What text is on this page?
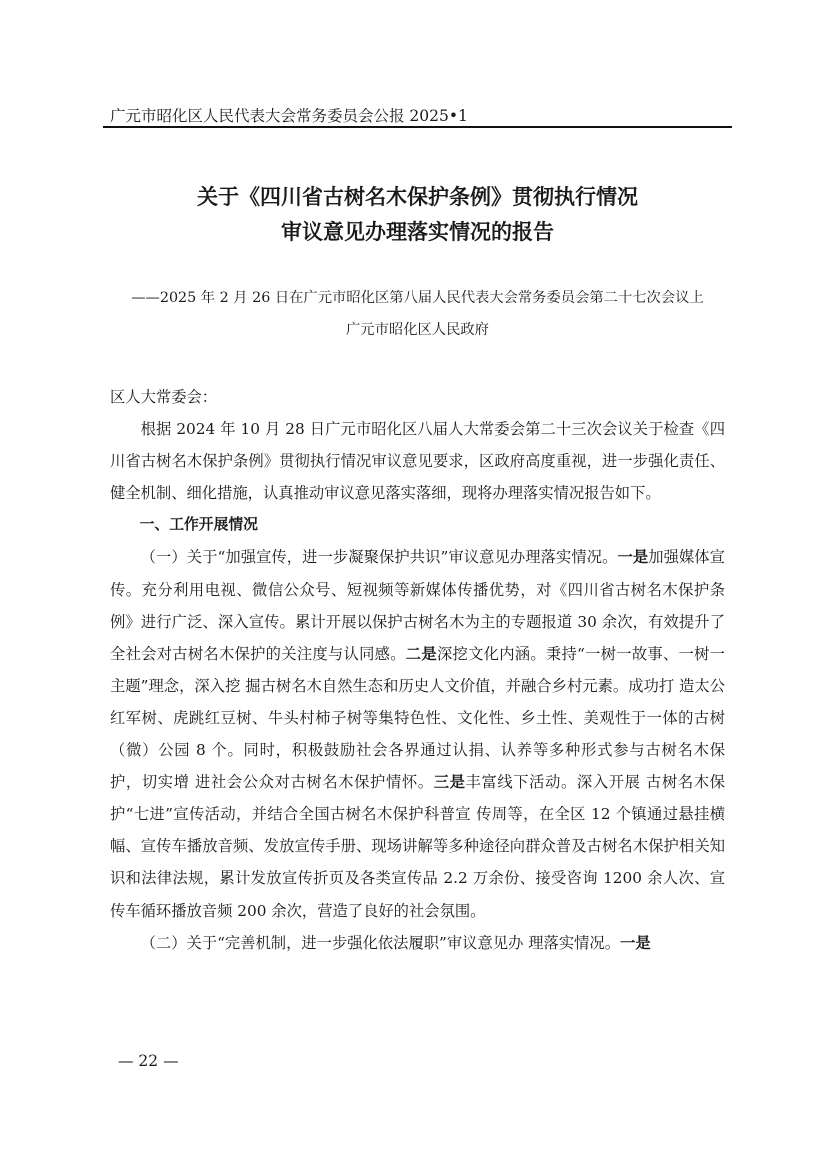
广元市昭化区人民代表大会常务委员会公报 2025•1
关于《四川省古树名木保护条例》贯彻执行情况
审议意见办理落实情况的报告
——2025 年 2 月 26 日在广元市昭化区第八届人民代表大会常务委员会第二十七次会议上
广元市昭化区人民政府

区人大常委会：

根据 2024 年 10 月 28 日广元市昭化区八届人大常委会第二十三次会议关于检查《四川省古树名木保护条例》贯彻执行情况审议意见要求，区政府高度重视，进一步强化责任、健全机制、细化措施，认真推动审议意见落实落细，现将办理落实情况报告如下。

一、工作开展情况

（一）关于“加强宣传，进一步凝聚保护共识”审议意见办理落实情况。一是加强媒体宣传。充分利用电视、微信公众号、短视频等新媒体传播优势，对《四川省古树名木保护条例》进行广泛、深入宣传。累计开展以保护古树名木为主的专题报道 30 余次，有效提升了全社会对古树名木保护的关注度与认同感。二是深挖文化内涵。秉持“一树一故事、一树一主题”理念，深入挖 掘古树名木自然生态和历史人文价值，并融合乡村元素。成功打 造太公红军树、虎跳红豆树、牛头村柿子树等集特色性、文化性、乡土性、美观性于一体的古树（微）公园 8 个。同时，积极鼓励社会各界通过认捐、认养等多种形式参与古树名木保护，切实增 进社会公众对古树名木保护情怀。三是丰富线下活动。深入开展 古树名木保护“七进”宣传活动，并结合全国古树名木保护科普宣 传周等，在全区 12 个镇通过悬挂横幅、宣传车播放音频、发放宣传手册、现场讲解等多种途径向群众普及古树名木保护相关知识和法律法规，累计发放宣传折页及各类宣传品 2.2 万余份、接受咨询 1200 余人次、宣传车循环播放音频 200 余次，营造了良好的社会氛围。

（二）关于“完善机制，进一步强化依法履职”审议意见办 理落实情况。一是

— 22 —
